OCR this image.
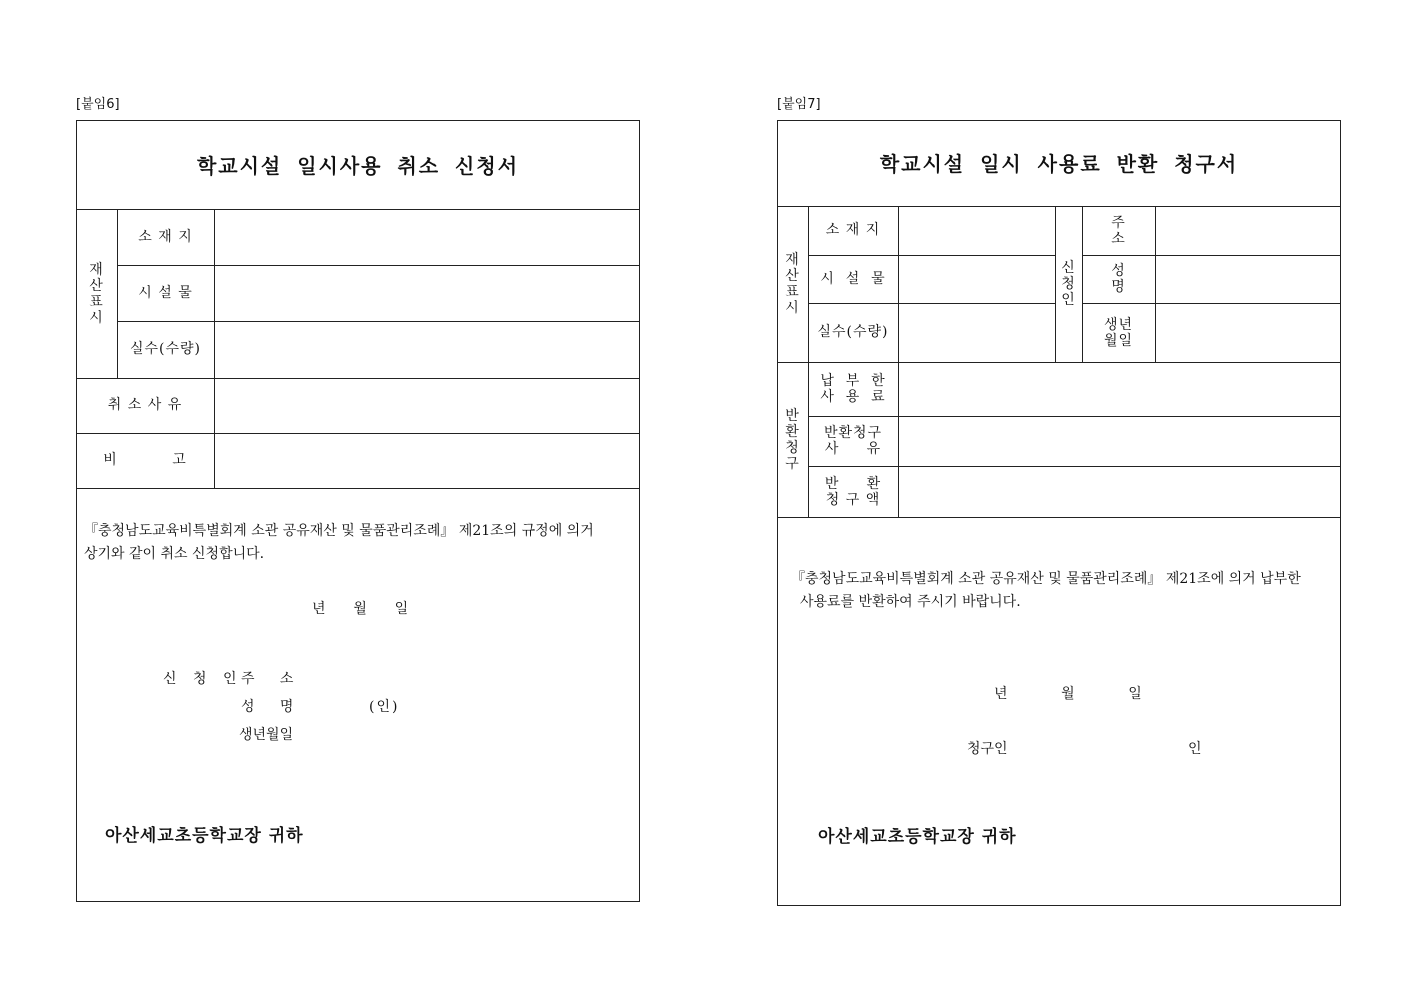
[붙임6]
학교시설 일시사용 취소 신청서
재
산
표
시
소 재 지
시 설 물
실수(수량)
취 소 사 유
비          고
『충청남도교육비특별회계 소관 공유재산 및 물품관리조례』 제21조의 규정에 의거
상기와 같이 취소 신청합니다.
년    월    일
신 청 인
주   소
성   명	(인)
생년월일
아산세교초등학교장 귀하
[붙임7]
학교시설 일시 사용료 반환 청구서
재
산
표
시
신
청
인
반
환
청
구
소 재 지
시  설  물
실수(수량)
주
소
성
명
생년
월일
납  부  한
사  용  료
반환청구
사     유
반     환
청 구 액
『충청남도교육비특별회계 소관 공유재산 및 물품관리조례』 제21조에 의거 납부한
사용료를 반환하여 주시기 바랍니다.
년        월        일
청구인	인
아산세교초등학교장 귀하
